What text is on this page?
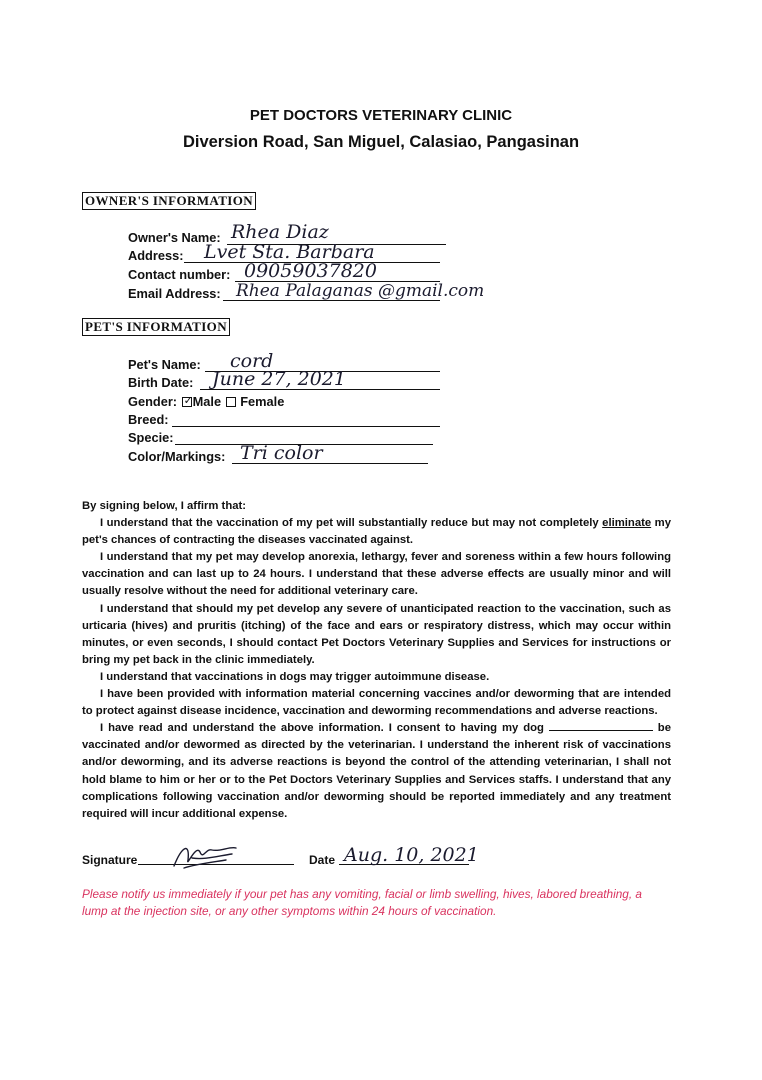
PET DOCTORS VETERINARY CLINIC
Diversion Road, San Miguel, Calasiao, Pangasinan
OWNER'S INFORMATION
Owner's Name: Rhea Diaz
Address: Lvet Sta. Barbara
Contact number: 09059037820
Email Address: Rhea Palaganas @gmail.com
PET'S INFORMATION
Pet's Name: cord
Birth Date: June 27, 2021
Gender: ✓ Male Female
Breed:
Specie:
Color/Markings: Tri color

By signing below, I affirm that:

I understand that the vaccination of my pet will substantially reduce but may not completely eliminate my pet's chances of contracting the diseases vaccinated against.

I understand that my pet may develop anorexia, lethargy, fever and soreness within a few hours following vaccination and can last up to 24 hours. I understand that these adverse effects are usually minor and will usually resolve without the need for additional veterinary care.

I understand that should my pet develop any severe of unanticipated reaction to the vaccination, such as urticaria (hives) and pruritis (itching) of the face and ears or respiratory distress, which may occur within minutes, or even seconds, I should contact Pet Doctors Veterinary Supplies and Services for instructions or bring my pet back in the clinic immediately.

I understand that vaccinations in dogs may trigger autoimmune disease.

I have been provided with information material concerning vaccines and/or deworming that are intended to protect against disease incidence, vaccination and deworming recommendations and adverse reactions.

I have read and understand the above information. I consent to having my dog	be vaccinated and/or dewormed as directed by the veterinarian. I understand the inherent risk of vaccinations and/or deworming, and its adverse reactions is beyond the control of the attending veterinarian, I shall not hold blame to him or her or to the Pet Doctors Veterinary Supplies and Services staffs. I understand that any complications following vaccination and/or deworming should be reported immediately and any treatment required will incur additional expense.

Signature	Date Aug. 10, 2021
Please notify us immediately if your pet has any vomiting, facial or limb swelling, hives, labored breathing, a lump at the injection site, or any other symptoms within 24 hours of vaccination.
